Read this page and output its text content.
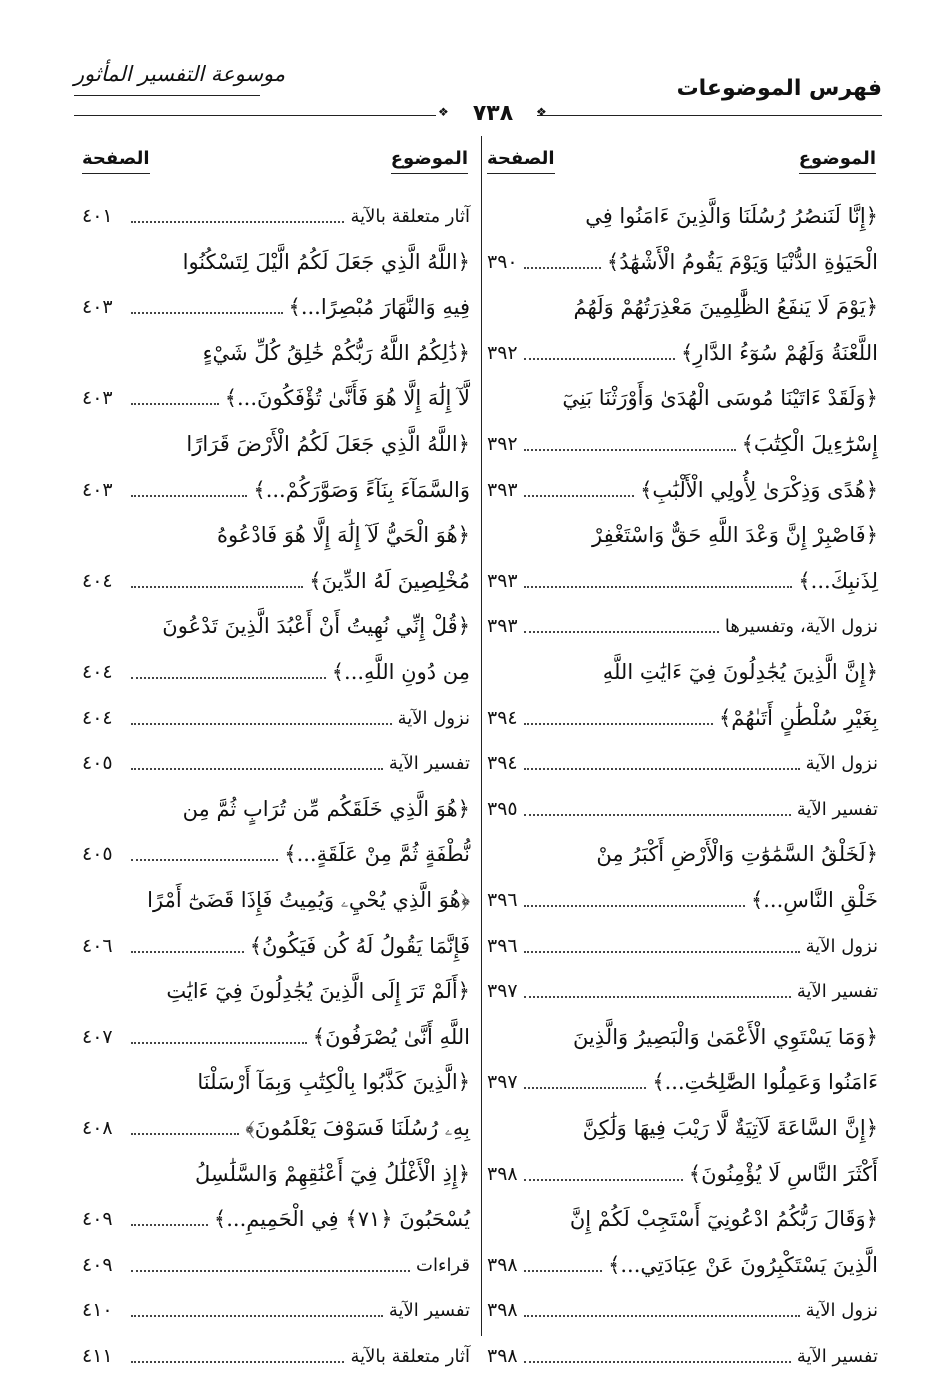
فهرس الموضوعات
موسوعة التفسير المأثور
❖
٧٣٨
❖
الموضوع
الصفحة
الموضوع
الصفحة
﴿إِنَّا لَنَنصُرُ رُسُلَنَا وَالَّذِينَ ءَامَنُوا فِي
٣٩٠	الْحَيَوٰةِ الدُّنْيَا وَيَوْمَ يَقُومُ الْأَشْهَٰدُ﴾
﴿يَوْمَ لَا يَنفَعُ الظَّٰلِمِينَ مَعْذِرَتُهُمْ وَلَهُمُ
٣٩٢	اللَّعْنَةُ وَلَهُمْ سُوٓءُ الدَّارِ﴾
﴿وَلَقَدْ ءَاتَيْنَا مُوسَى الْهُدَىٰ وَأَوْرَثْنَا بَنِيٓ
٣٩٢	إِسْرَٰٓءِيلَ الْكِتَٰبَ﴾
٣٩٣	﴿هُدًى وَذِكْرَىٰ لِأُولِي الْأَلْبَٰبِ﴾
﴿فَاصْبِرْ إِنَّ وَعْدَ اللَّهِ حَقٌّ وَاسْتَغْفِرْ
٣٩٣	لِذَنبِكَ...﴾
٣٩٣	نزول الآية، وتفسيرها
﴿إِنَّ الَّذِينَ يُجَٰدِلُونَ فِيٓ ءَايَٰتِ اللَّهِ
٣٩٤	بِغَيْرِ سُلْطَٰنٍ أَتَىٰهُمْ﴾
٣٩٤	نزول الآية
٣٩٥	تفسير الآية
﴿لَخَلْقُ السَّمَٰوَٰتِ وَالْأَرْضِ أَكْبَرُ مِنْ
٣٩٦	خَلْقِ النَّاسِ...﴾
٣٩٦	نزول الآية
٣٩٧	تفسير الآية
﴿وَمَا يَسْتَوِي الْأَعْمَىٰ وَالْبَصِيرُ وَالَّذِينَ
٣٩٧	ءَامَنُوا وَعَمِلُوا الصَّٰلِحَٰتِ...﴾
﴿إِنَّ السَّاعَةَ لَآتِيَةٌ لَّا رَيْبَ فِيهَا وَلَٰكِنَّ
٣٩٨	أَكْثَرَ النَّاسِ لَا يُؤْمِنُونَ﴾
﴿وَقَالَ رَبُّكُمُ ادْعُونِيٓ أَسْتَجِبْ لَكُمْ إِنَّ
٣٩٨	الَّذِينَ يَسْتَكْبِرُونَ عَنْ عِبَادَتِي...﴾
٣٩٨	نزول الآية
٣٩٨	تفسير الآية
٤٠١	آثار متعلقة بالآية
﴿اللَّهُ الَّذِي جَعَلَ لَكُمُ الَّيْلَ لِتَسْكُنُوا
٤٠٣	فِيهِ وَالنَّهَارَ مُبْصِرًا...﴾
﴿ذَٰلِكُمُ اللَّهُ رَبُّكُمْ خَٰلِقُ كُلِّ شَيْءٍ
٤٠٣	لَّآ إِلَٰهَ إِلَّا هُوَ فَأَنَّىٰ تُؤْفَكُونَ...﴾
﴿اللَّهُ الَّذِي جَعَلَ لَكُمُ الْأَرْضَ قَرَارًا
٤٠٣	وَالسَّمَآءَ بِنَآءً وَصَوَّرَكُمْ...﴾
﴿هُوَ الْحَيُّ لَآ إِلَٰهَ إِلَّا هُوَ فَادْعُوهُ
٤٠٤	مُخْلِصِينَ لَهُ الدِّينَ﴾
﴿قُلْ إِنِّي نُهِيتُ أَنْ أَعْبُدَ الَّذِينَ تَدْعُونَ
٤٠٤	مِن دُونِ اللَّهِ...﴾
٤٠٤	نزول الآية
٤٠٥	تفسير الآية
﴿هُوَ الَّذِي خَلَقَكُم مِّن تُرَابٍ ثُمَّ مِن
٤٠٥	نُّطْفَةٍ ثُمَّ مِنْ عَلَقَةٍ...﴾
﴿هُوَ الَّذِي يُحْيِۦ وَيُمِيتُ فَإِذَا قَضَىٰٓ أَمْرًا
٤٠٦	فَإِنَّمَا يَقُولُ لَهُ كُن فَيَكُونُ﴾
﴿أَلَمْ تَرَ إِلَى الَّذِينَ يُجَٰدِلُونَ فِيٓ ءَايَٰتِ
٤٠٧	اللَّهِ أَنَّىٰ يُصْرَفُونَ﴾
﴿الَّذِينَ كَذَّبُوا بِالْكِتَٰبِ وَبِمَآ أَرْسَلْنَا
٤٠٨	بِهِۦ رُسُلَنَا فَسَوْفَ يَعْلَمُونَ﴾
﴿إِذِ الْأَغْلَٰلُ فِيٓ أَعْنَٰقِهِمْ وَالسَّلَٰسِلُ
٤٠٩	يُسْحَبُونَ ﴿٧١﴾ فِي الْحَمِيمِ...﴾
٤٠٩	قراءات
٤١٠	تفسير الآية
٤١١	آثار متعلقة بالآية
